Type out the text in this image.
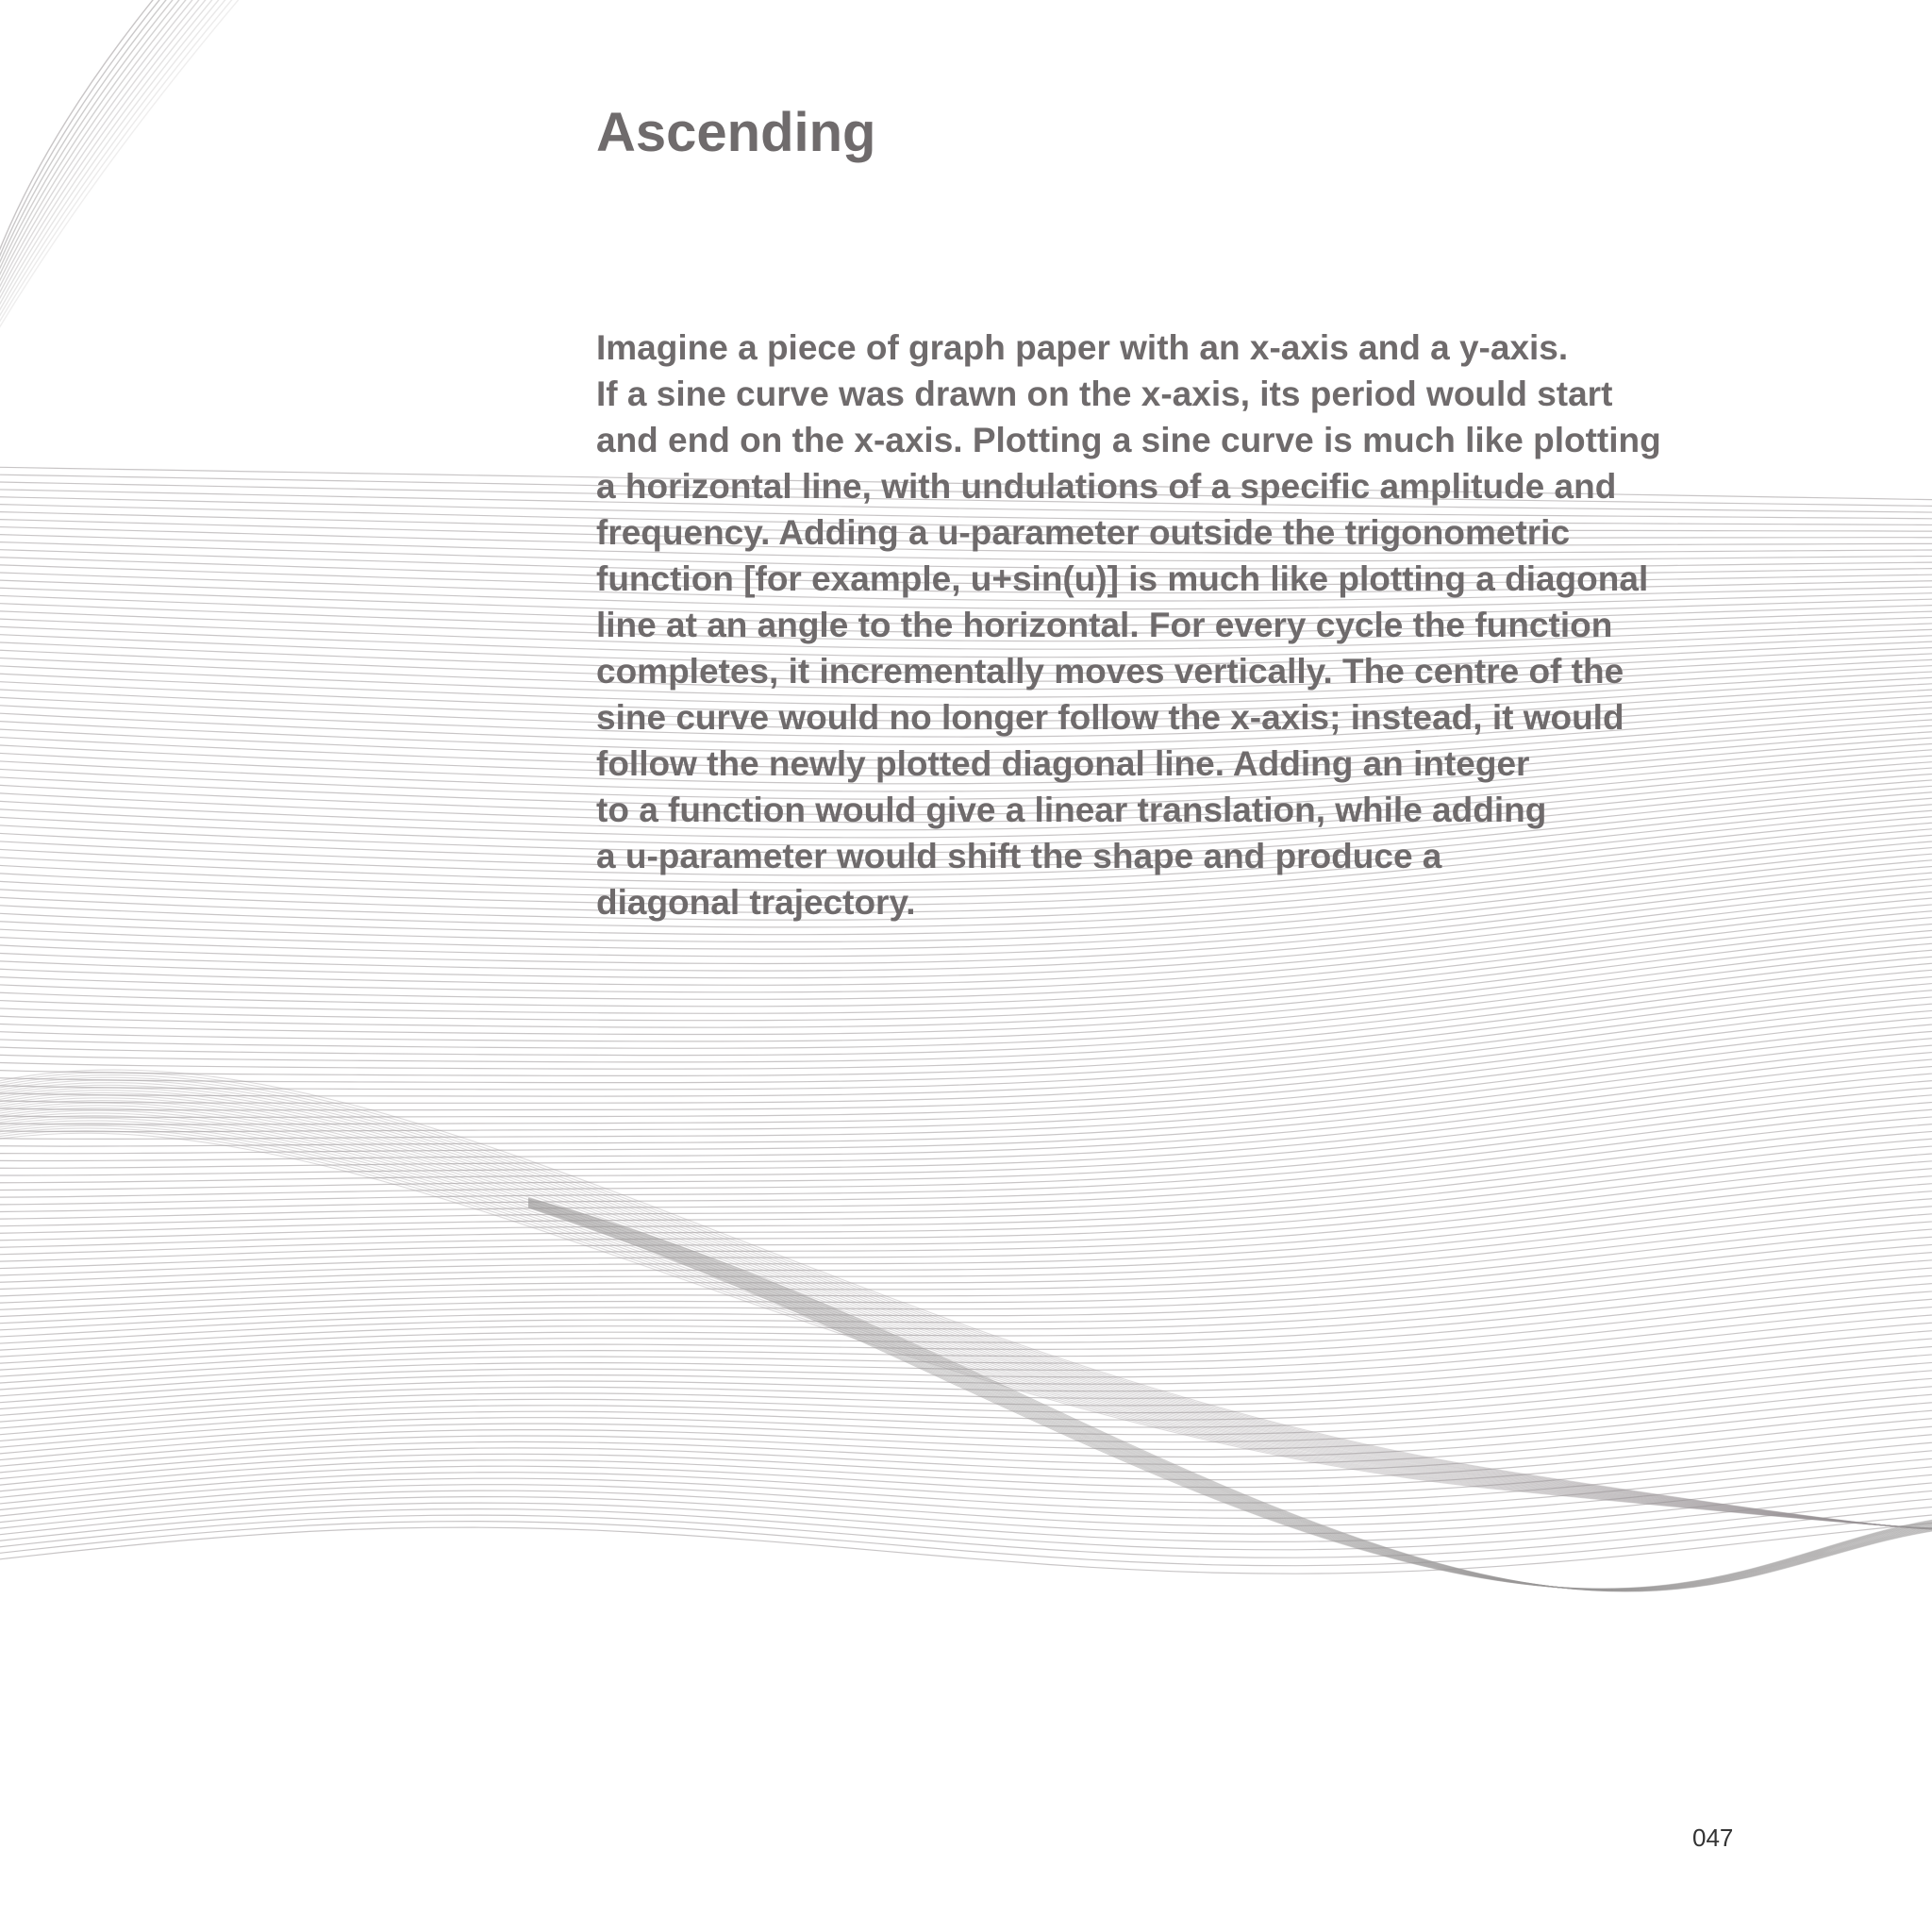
Ascending

Imagine a piece of graph paper with an x-axis and a y-axis.
If a sine curve was drawn on the x-axis, its period would start
and end on the x-axis. Plotting a sine curve is much like plotting
a horizontal line, with undulations of a specific amplitude and
frequency. Adding a u-parameter outside the trigonometric
function [for example, u+sin(u)] is much like plotting a diagonal
line at an angle to the horizontal. For every cycle the function
completes, it incrementally moves vertically. The centre of the
sine curve would no longer follow the x-axis; instead, it would
follow the newly plotted diagonal line. Adding an integer
to a function would give a linear translation, while adding
a u-parameter would shift the shape and produce a
diagonal trajectory.

047
